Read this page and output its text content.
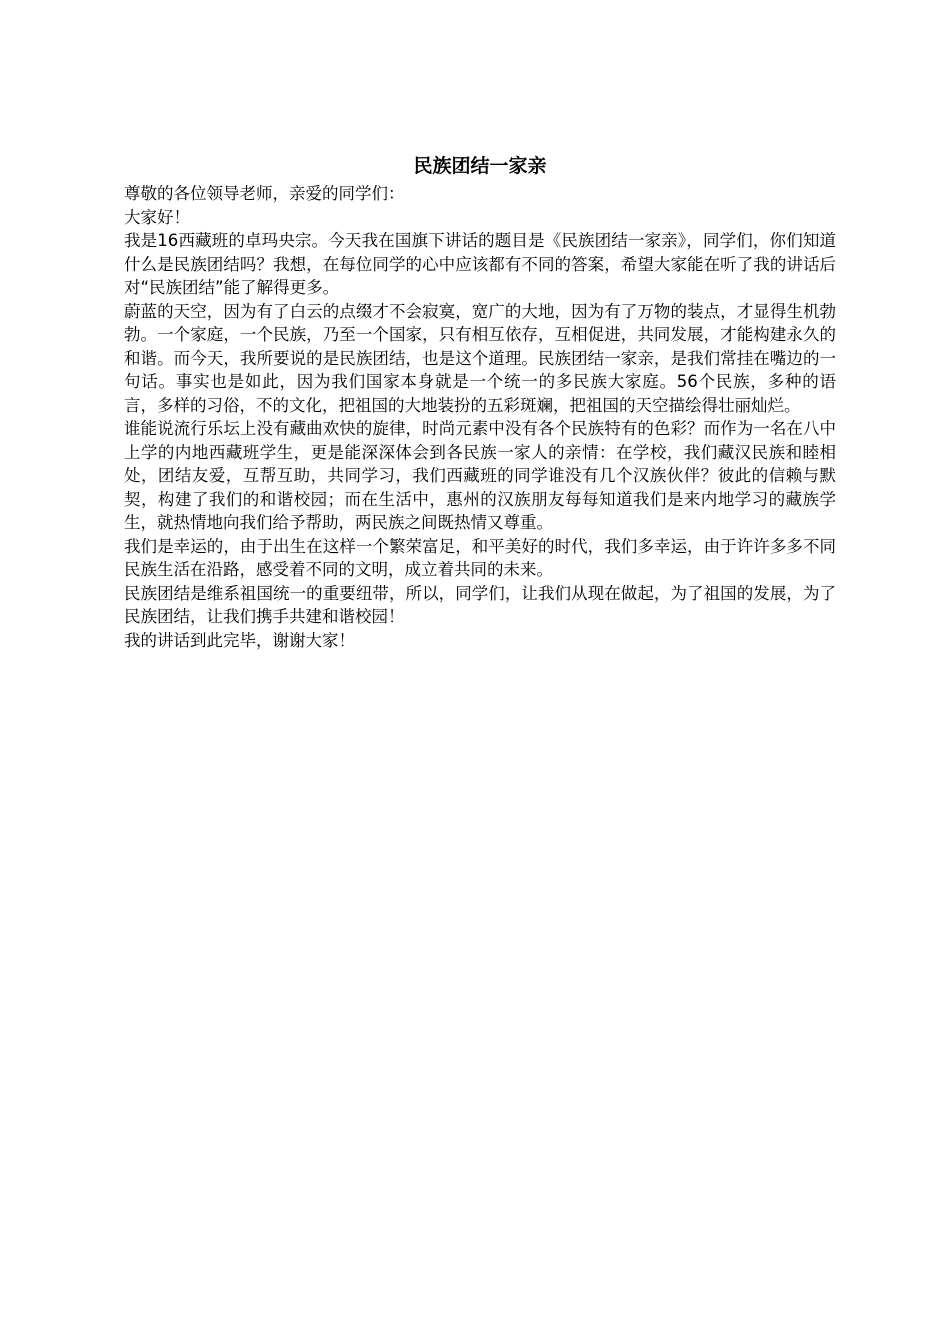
民族团结一家亲

尊敬的各位领导老师，亲爱的同学们：

大家好！

我是16西藏班的卓玛央宗。今天我在国旗下讲话的题目是《民族团结一家亲》，同学们，你们知道什么是民族团结吗？我想，在每位同学的心中应该都有不同的答案，希望大家能在听了我的讲话后对“民族团结”能了解得更多。

蔚蓝的天空，因为有了白云的点缀才不会寂寞，宽广的大地，因为有了万物的装点，才显得生机勃勃。一个家庭，一个民族，乃至一个国家，只有相互依存，互相促进，共同发展，才能构建永久的和谐。而今天，我所要说的是民族团结，也是这个道理。民族团结一家亲，是我们常挂在嘴边的一句话。事实也是如此，因为我们国家本身就是一个统一的多民族大家庭。56个民族，多种的语言，多样的习俗，不的文化，把祖国的大地装扮的五彩斑斓，把祖国的天空描绘得壮丽灿烂。

谁能说流行乐坛上没有藏曲欢快的旋律，时尚元素中没有各个民族特有的色彩？而作为一名在八中上学的内地西藏班学生，更是能深深体会到各民族一家人的亲情：在学校，我们藏汉民族和睦相处，团结友爱，互帮互助，共同学习，我们西藏班的同学谁没有几个汉族伙伴？彼此的信赖与默契，构建了我们的和谐校园；而在生活中，惠州的汉族朋友每每知道我们是来内地学习的藏族学生，就热情地向我们给予帮助，两民族之间既热情又尊重。

我们是幸运的，由于出生在这样一个繁荣富足，和平美好的时代，我们多幸运，由于许许多多不同民族生活在沿路，感受着不同的文明，成立着共同的未来。

民族团结是维系祖国统一的重要纽带，所以，同学们，让我们从现在做起，为了祖国的发展，为了民族团结，让我们携手共建和谐校园！

我的讲话到此完毕，谢谢大家！
